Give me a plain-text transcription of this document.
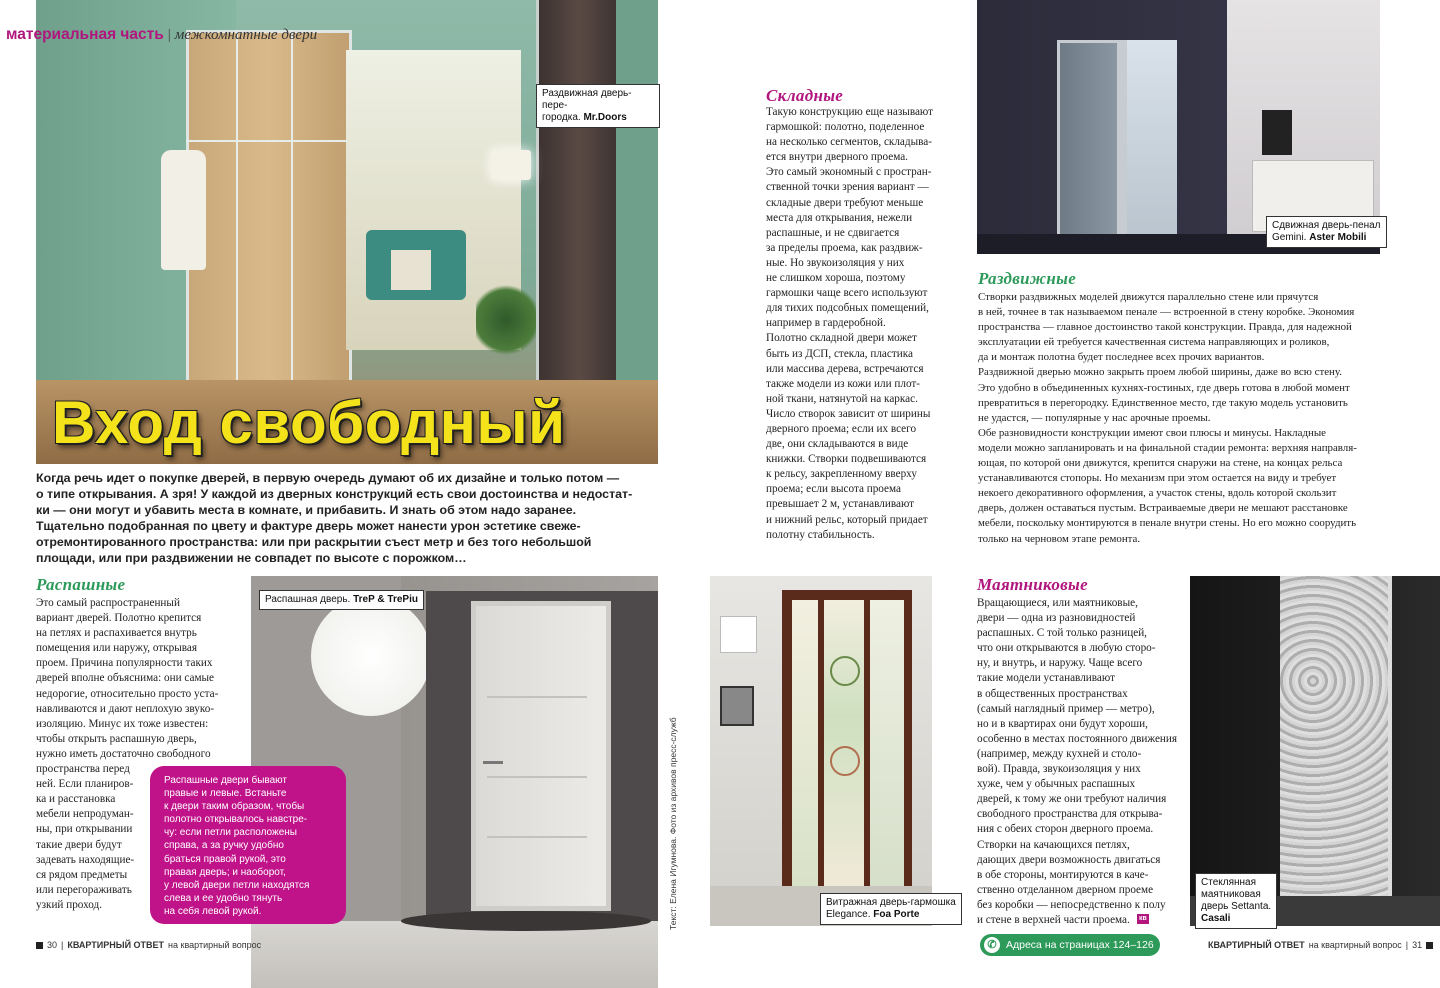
материальная часть | межкомнатные двери
Раздвижная дверь-пере-
городка. Mr.Doors
Вход свободный
Когда речь идет о покупке дверей, в первую очередь думают об их дизайне и только потом —
о типе открывания. А зря! У каждой из дверных конструкций есть свои достоинства и недостат-
ки — они могут и убавить места в комнате, и прибавить. И знать об этом надо заранее.
Тщательно подобранная по цвету и фактуре дверь может нанести урон эстетике свеже-
отремонтированного пространства: или при раскрытии съест метр и без того небольшой
площади, или при раздвижении не совпадет по высоте с порожком…
Распашные
Это самый распространенный
вариант дверей. Полотно крепится
на петлях и распахивается внутрь
помещения или наружу, открывая
проем. Причина популярности таких
дверей вполне объяснима: они самые
недорогие, относительно просто уста-
навливаются и дают неплохую звуко-
изоляцию. Минус их тоже известен:
чтобы открыть распашную дверь,
нужно иметь достаточно свободного
пространства перед
ней. Если планиров-
ка и расстановка
мебели непродуман-
ны, при открывании
такие двери будут
задевать находящие-
ся рядом предметы
или перегораживать
узкий проход.
Распашная дверь. TreP & TrePiu
Распашные двери бывают
правые и левые. Встаньте
к двери таким образом, чтобы
полотно открывалось навстре-
чу: если петли расположены
справа, а за ручку удобно
браться правой рукой, это
правая дверь; и наоборот,
у левой двери петли находятся
слева и ее удобно тянуть
на себя левой рукой.
30 | КВАРТИРНЫЙ ОТВЕТ на квартирный вопрос
Текст: Елена Игумнова. Фото из архивов пресс-служб	Витражная дверь-гармошка
Elegance. Foa Porte
Складные
Такую конструкцию еще называют
гармошкой: полотно, поделенное
на несколько сегментов, складыва-
ется внутри дверного проема.
Это самый экономный с простран-
ственной точки зрения вариант —
складные двери требуют меньше
места для открывания, нежели
распашные, и не сдвигается
за пределы проема, как раздвиж-
ные. Но звукоизоляция у них
не слишком хороша, поэтому
гармошки чаще всего используют
для тихих подсобных помещений,
например в гардеробной.
Полотно складной двери может
быть из ДСП, стекла, пластика
или массива дерева, встречаются
также модели из кожи или плот-
ной ткани, натянутой на каркас.
Число створок зависит от ширины
дверного проема; если их всего
две, они складываются в виде
книжки. Створки подвешиваются
к рельсу, закрепленному вверху
проема; если высота проема
превышает 2 м, устанавливают
и нижний рельс, который придает
полотну стабильность.
Сдвижная дверь-пенал
Gemini. Aster Mobili
Раздвижные
Створки раздвижных моделей движутся параллельно стене или прячутся
в ней, точнее в так называемом пенале — встроенной в стену коробке. Экономия
пространства — главное достоинство такой конструкции. Правда, для надежной
эксплуатации ей требуется качественная система направляющих и роликов,
да и монтаж полотна будет последнее всех прочих вариантов.
Раздвижной дверью можно закрыть проем любой ширины, даже во всю стену.
Это удобно в объединенных кухнях-гостиных, где дверь готова в любой момент
превратиться в перегородку. Единственное место, где такую модель установить
не удастся, — популярные у нас арочные проемы.
Обе разновидности конструкции имеют свои плюсы и минусы. Накладные
модели можно запланировать и на финальной стадии ремонта: верхняя направля-
ющая, по которой они движутся, крепится снаружи на стене, на концах рельса
устанавливаются стопоры. Но механизм при этом остается на виду и требует
некоего декоративного оформления, а участок стены, вдоль которой скользит
дверь, должен оставаться пустым. Встраиваемые двери не мешают расстановке
мебели, поскольку монтируются в пенале внутри стены. Но его можно соорудить
только на черновом этапе ремонта.
Маятниковые
Вращающиеся, или маятниковые,
двери — одна из разновидностей
распашных. С той только разницей,
что они открываются в любую сторо-
ну, и внутрь, и наружу. Чаще всего
такие модели устанавливают
в общественных пространствах
(самый наглядный пример — метро),
но и в квартирах они будут хороши,
особенно в местах постоянного движения
(например, между кухней и столо-
вой). Правда, звукоизоляция у них
хуже, чем у обычных распашных
дверей, к тому же они требуют наличия
свободного пространства для открыва-
ния с обеих сторон дверного проема.
Створки на качающихся петлях,
дающих двери возможность двигаться
в обе стороны, монтируются в каче-
ственно отделанном дверном проеме
без коробки — непосредственно к полу
и стене в верхней части проема.	кв
Стеклянная
маятниковая
дверь Settanta.
Casali
✆ Адреса на страницах 124–126	КВАРТИРНЫЙ ОТВЕТ на квартирный вопрос | 31
